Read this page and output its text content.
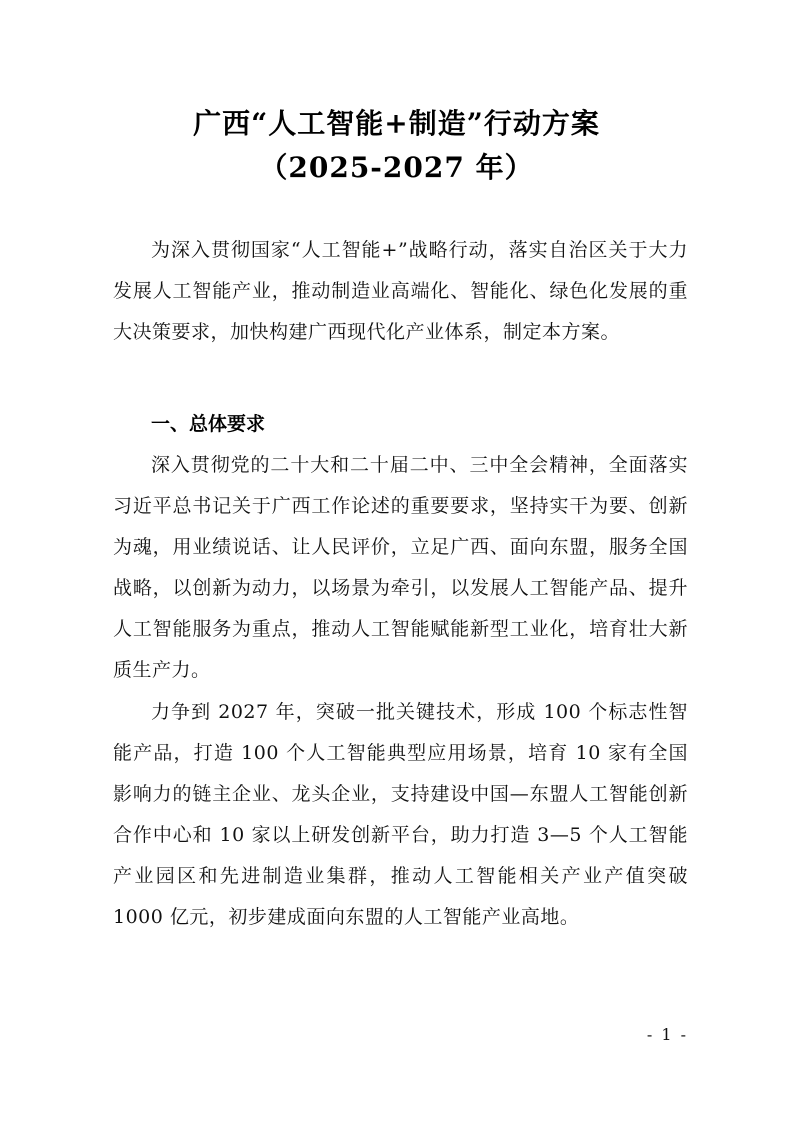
广西“人工智能+制造”行动方案
（2025-2027 年）

为深入贯彻国家“人工智能+”战略行动，落实自治区关于大力发展人工智能产业，推动制造业高端化、智能化、绿色化发展的重大决策要求，加快构建广西现代化产业体系，制定本方案。

一、总体要求

深入贯彻党的二十大和二十届二中、三中全会精神，全面落实习近平总书记关于广西工作论述的重要要求，坚持实干为要、创新为魂，用业绩说话、让人民评价，立足广西、面向东盟，服务全国战略，以创新为动力，以场景为牵引，以发展人工智能产品、提升人工智能服务为重点，推动人工智能赋能新型工业化，培育壮大新质生产力。

力争到 2027 年，突破一批关键技术，形成 100 个标志性智能产品，打造 100 个人工智能典型应用场景，培育 10 家有全国影响力的链主企业、龙头企业，支持建设中国—东盟人工智能创新合作中心和 10 家以上研发创新平台，助力打造 3—5 个人工智能产业园区和先进制造业集群，推动人工智能相关产业产值突破 1000 亿元，初步建成面向东盟的人工智能产业高地。

- 1 -
